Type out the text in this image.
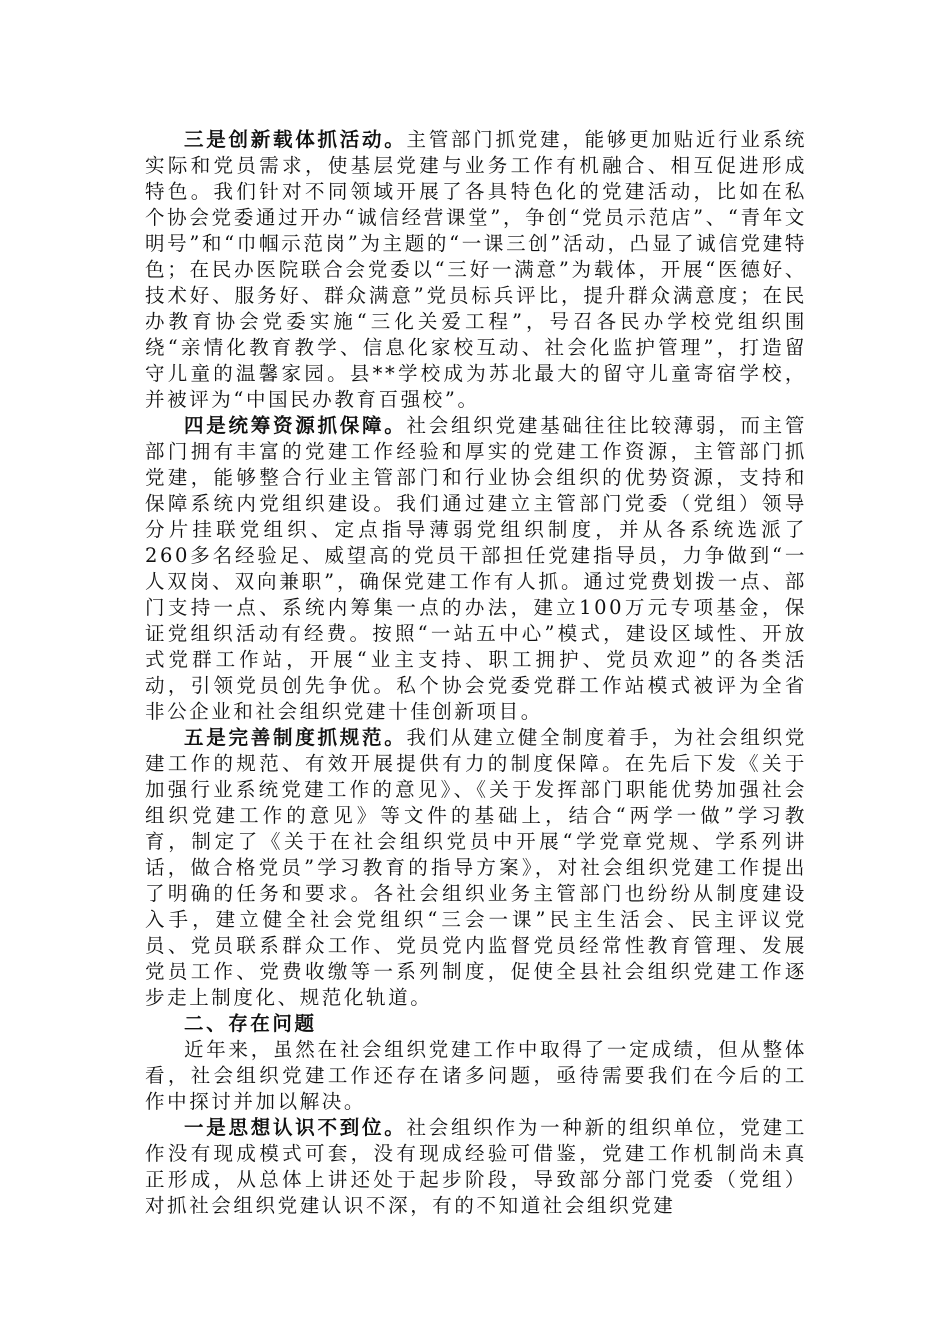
三是创新载体抓活动。主管部门抓党建，能够更加贴近行业系统实际和党员需求，使基层党建与业务工作有机融合、相互促进形成特色。我们针对不同领域开展了各具特色化的党建活动，比如在私个协会党委通过开办“诚信经营课堂”，争创“党员示范店”、“青年文明号”和“巾帼示范岗”为主题的“一课三创”活动，凸显了诚信党建特色；在民办医院联合会党委以“三好一满意”为载体，开展“医德好、技术好、服务好、群众满意”党员标兵评比，提升群众满意度；在民办教育协会党委实施“三化关爱工程”，号召各民办学校党组织围绕“亲情化教育教学、信息化家校互动、社会化监护管理”，打造留守儿童的温馨家园。县**学校成为苏北最大的留守儿童寄宿学校，并被评为“中国民办教育百强校”。

四是统筹资源抓保障。社会组织党建基础往往比较薄弱，而主管部门拥有丰富的党建工作经验和厚实的党建工作资源，主管部门抓党建，能够整合行业主管部门和行业协会组织的优势资源，支持和保障系统内党组织建设。我们通过建立主管部门党委（党组）领导分片挂联党组织、定点指导薄弱党组织制度，并从各系统选派了260多名经验足、威望高的党员干部担任党建指导员，力争做到“一人双岗、双向兼职”，确保党建工作有人抓。通过党费划拨一点、部门支持一点、系统内筹集一点的办法，建立100万元专项基金，保证党组织活动有经费。按照“一站五中心”模式，建设区域性、开放式党群工作站，开展“业主支持、职工拥护、党员欢迎”的各类活动，引领党员创先争优。私个协会党委党群工作站模式被评为全省非公企业和社会组织党建十佳创新项目。

五是完善制度抓规范。我们从建立健全制度着手，为社会组织党建工作的规范、有效开展提供有力的制度保障。在先后下发《关于加强行业系统党建工作的意见》、《关于发挥部门职能优势加强社会组织党建工作的意见》等文件的基础上，结合“两学一做”学习教育，制定了《关于在社会组织党员中开展“学党章党规、学系列讲话，做合格党员”学习教育的指导方案》，对社会组织党建工作提出了明确的任务和要求。各社会组织业务主管部门也纷纷从制度建设入手，建立健全社会党组织“三会一课”民主生活会、民主评议党员、党员联系群众工作、党员党内监督党员经常性教育管理、发展党员工作、党费收缴等一系列制度，促使全县社会组织党建工作逐步走上制度化、规范化轨道。

二、存在问题

近年来，虽然在社会组织党建工作中取得了一定成绩，但从整体看，社会组织党建工作还存在诸多问题，亟待需要我们在今后的工作中探讨并加以解决。

一是思想认识不到位。社会组织作为一种新的组织单位，党建工作没有现成模式可套，没有现成经验可借鉴，党建工作机制尚未真正形成，从总体上讲还处于起步阶段，导致部分部门党委（党组）对抓社会组织党建认识不深，有的不知道社会组织党建
